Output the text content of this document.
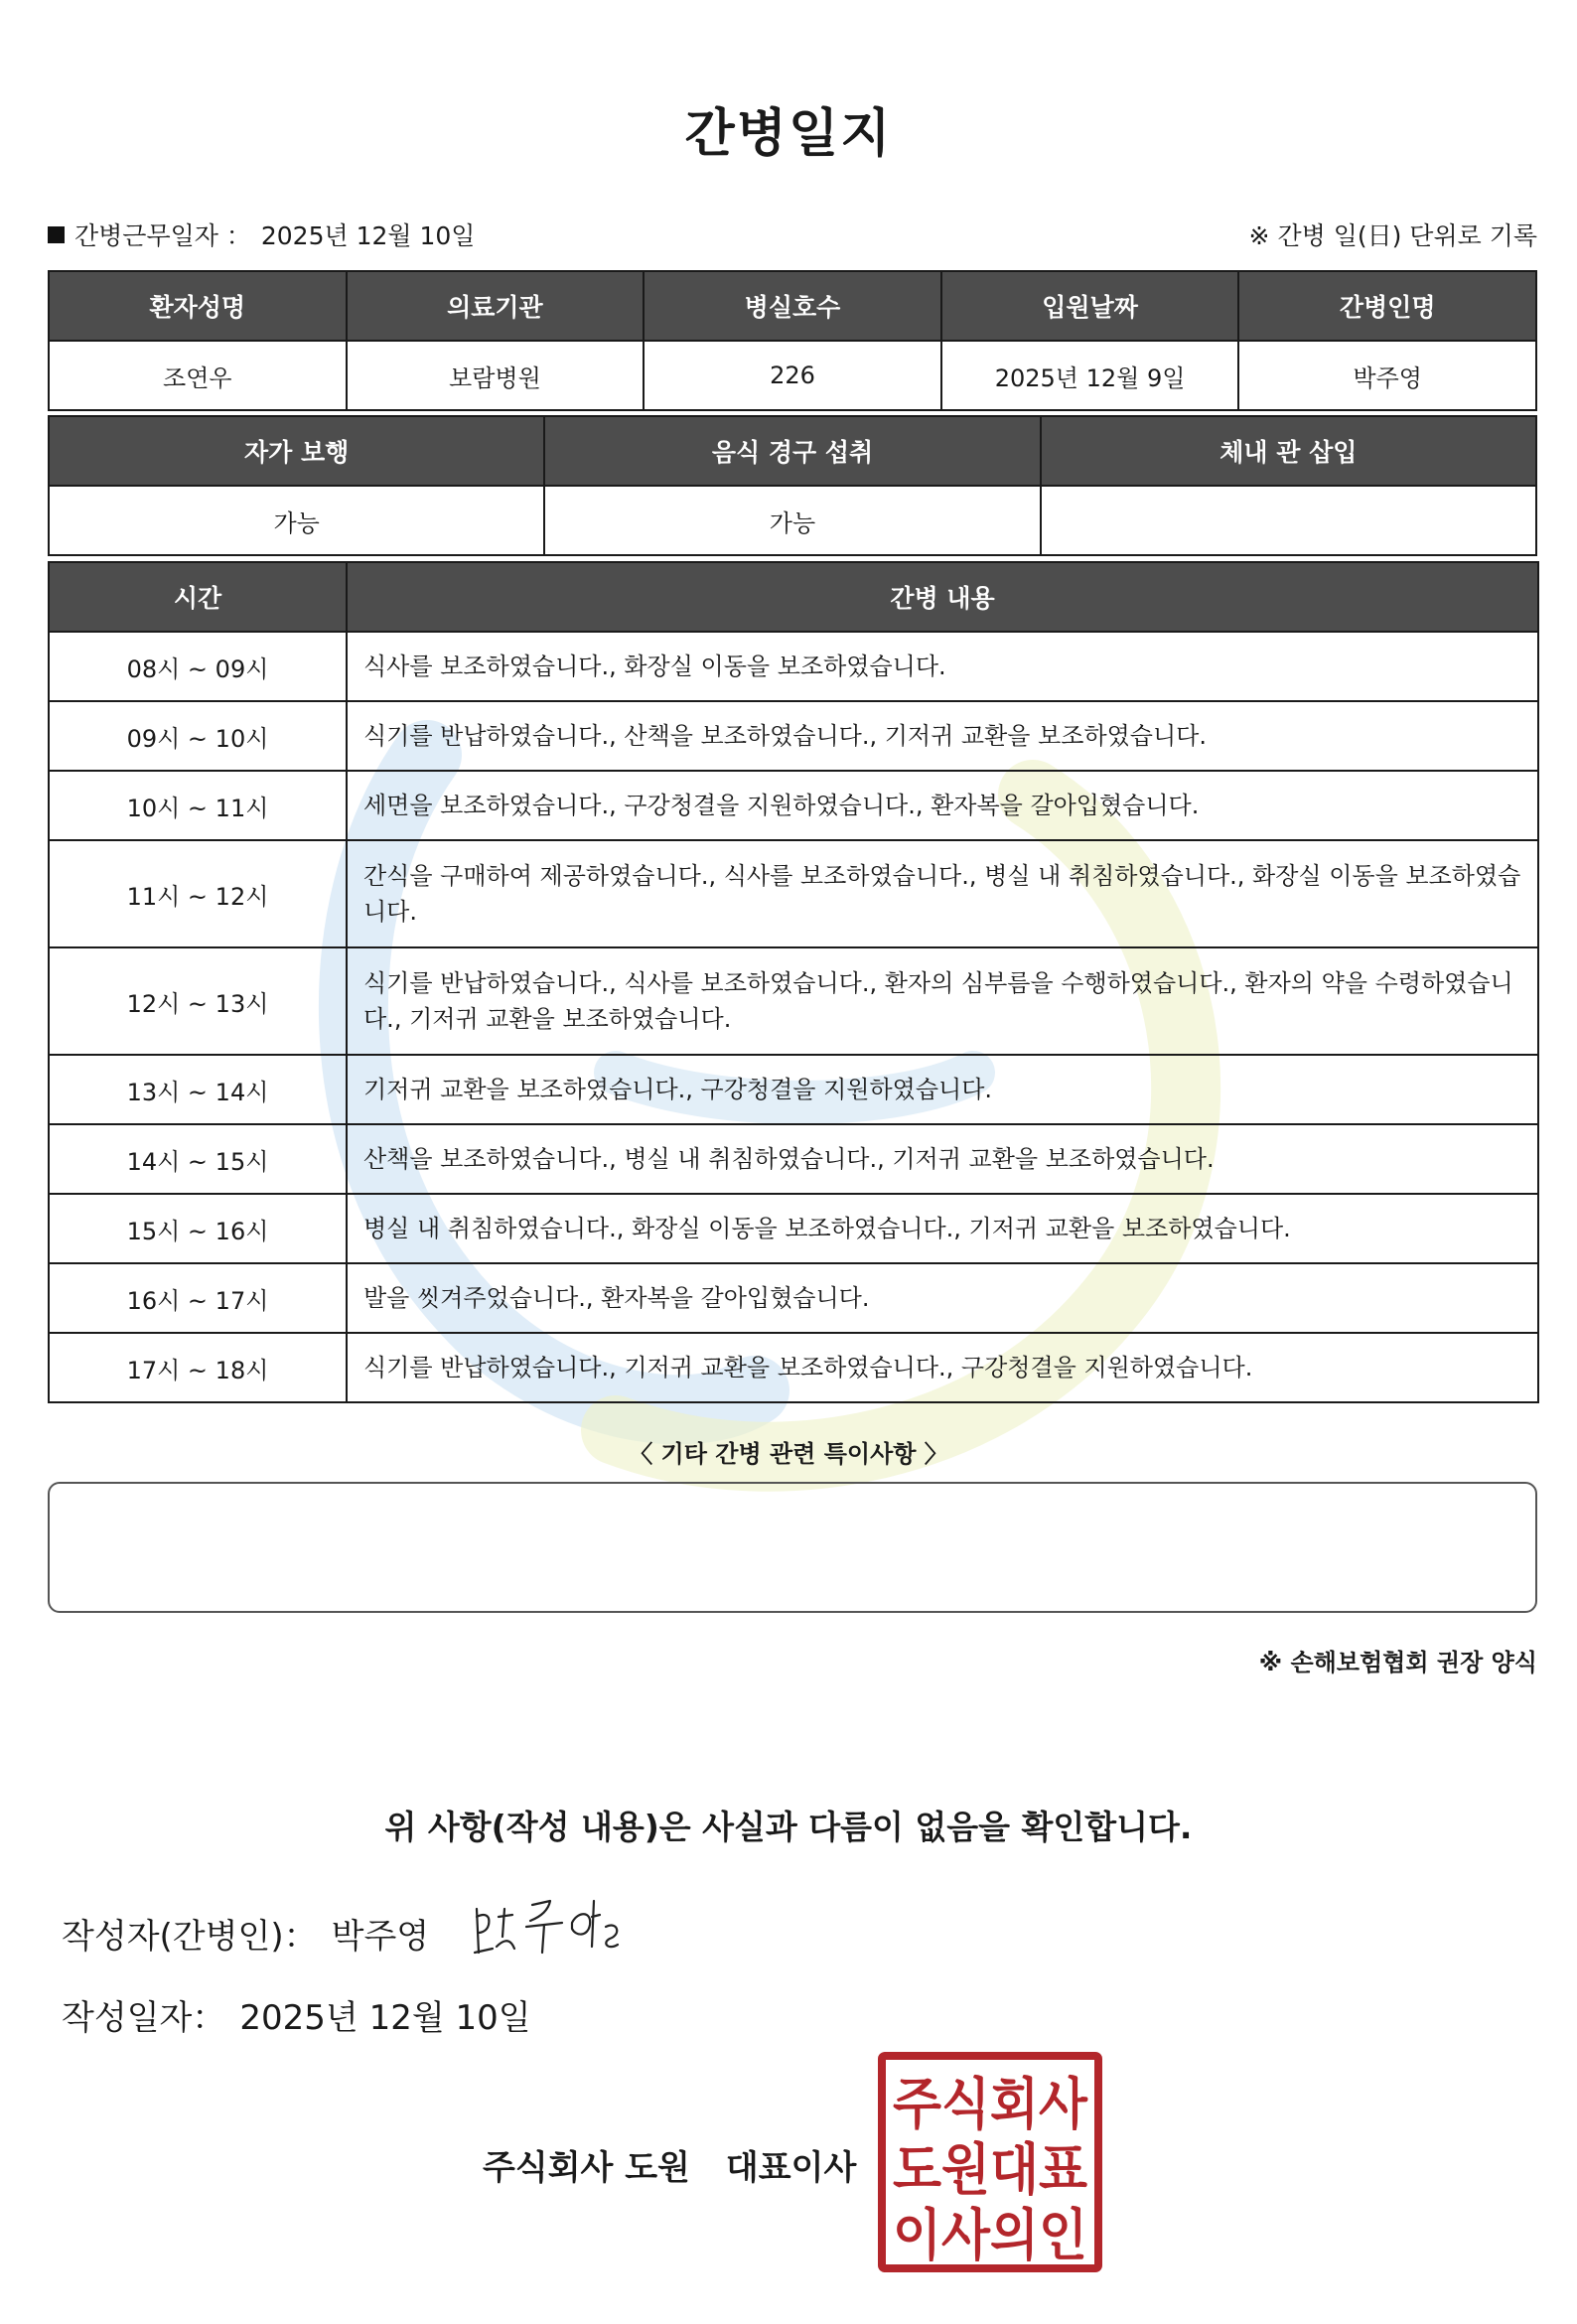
간병일지
간병근무일자 ： 2025년 12월 10일	※ 간병 일(日) 단위로 기록
환자성명	의료기관	병실호수	입원날짜	간병인명
조연우	보람병원	226	2025년 12월 9일	박주영
자가 보행	음식 경구 섭취	체내 관 삽입
가능	가능	
시간	간병 내용
08시 ~ 09시	식사를 보조하였습니다., 화장실 이동을 보조하였습니다.
09시 ~ 10시	식기를 반납하였습니다., 산책을 보조하였습니다., 기저귀 교환을 보조하였습니다.
10시 ~ 11시	세면을 보조하였습니다., 구강청결을 지원하였습니다., 환자복을 갈아입혔습니다.
11시 ~ 12시	간식을 구매하여 제공하였습니다., 식사를 보조하였습니다., 병실 내 취침하였습니다., 화장실 이동을 보조하였습니다.
12시 ~ 13시	식기를 반납하였습니다., 식사를 보조하였습니다., 환자의 심부름을 수행하였습니다., 환자의 약을 수령하였습니다., 기저귀 교환을 보조하였습니다.
13시 ~ 14시	기저귀 교환을 보조하였습니다., 구강청결을 지원하였습니다.
14시 ~ 15시	산책을 보조하였습니다., 병실 내 취침하였습니다., 기저귀 교환을 보조하였습니다.
15시 ~ 16시	병실 내 취침하였습니다., 화장실 이동을 보조하였습니다., 기저귀 교환을 보조하였습니다.
16시 ~ 17시	발을 씻겨주었습니다., 환자복을 갈아입혔습니다.
17시 ~ 18시	식기를 반납하였습니다., 기저귀 교환을 보조하였습니다., 구강청결을 지원하였습니다.
〈 기타 간병 관련 특이사항 〉
※ 손해보험협회 권장 양식
위 사항(작성 내용)은 사실과 다름이 없음을 확인합니다.
작성자(간병인)： 박주영
작성일자： 2025년 12월 10일
주식회사 도원 대표이사
주식회사
도원대표
이사의인
